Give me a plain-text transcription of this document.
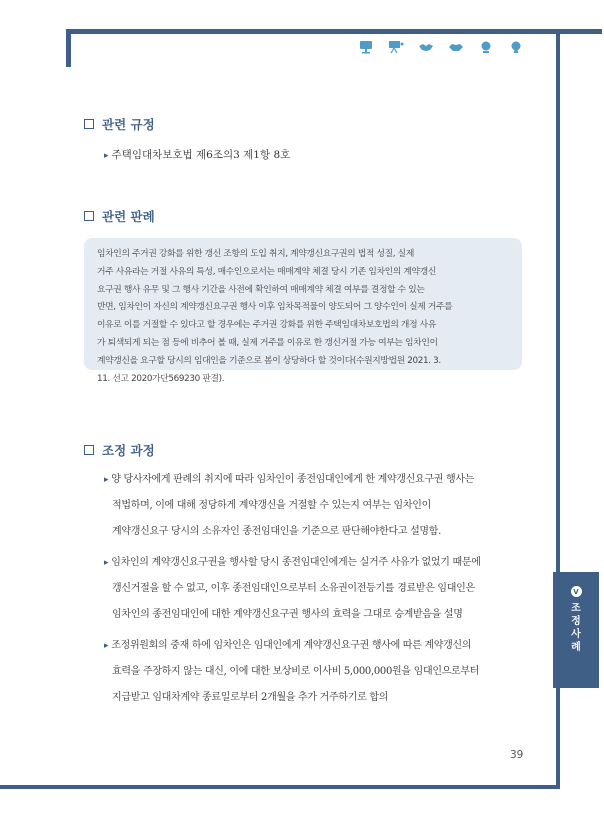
관련 규정
▸ 주택임대차보호법 제6조의3 제1항 8호
관련 판례

임차인의 주거권 강화를 위한 갱신 조항의 도입 취지, 계약갱신요구권의 법적 성질, 실제
거주 사유라는 거절 사유의 특성, 매수인으로서는 매매계약 체결 당시 기존 임차인의 계약갱신
요구권 행사 유무 및 그 행사 기간을 사전에 확인하여 매매계약 체결 여부를 결정할 수 있는
반면, 임차인이 자신의 계약갱신요구권 행사 이후 임차목적물이 양도되어 그 양수인이 실제 거주를
이유로 이를 거절할 수 있다고 할 경우에는 주거권 강화를 위한 주택임대차보호법의 개정 사유
가 퇴색되게 되는 점 등에 비추어 볼 때, 실제 거주를 이유로 한 갱신거절 가능 여부는 임차인이
계약갱신을 요구할 당시의 임대인을 기준으로 봄이 상당하다 할 것이다(수원지방법원 2021. 3.
11. 선고 2020가단569230 판결).

조정 과정
▸ 양 당사자에게 판례의 취지에 따라 임차인이 종전임대인에게 한 계약갱신요구권 행사는
적법하며, 이에 대해 정당하게 계약갱신을 거절할 수 있는지 여부는 임차인이
계약갱신요구 당시의 소유자인 종전임대인을 기준으로 판단해야한다고 설명함.
▸ 임차인의 계약갱신요구권을 행사할 당시 종전임대인에게는 실거주 사유가 없었기 때문에
갱신거절을 할 수 없고, 이후 종전임대인으로부터 소유권이전등기를 경료받은 임대인은
임차인의 종전임대인에 대한 계약갱신요구권 행사의 효력을 그대로 승계받음을 설명
▸ 조정위원회의 중재 하에 임차인은 임대인에게 계약갱신요구권 행사에 따른 계약갱신의
효력을 주장하지 않는 대신, 이에 대한 보상비로 이사비 5,000,000원을 임대인으로부터
지급받고 임대차계약 종료일로부터 2개월을 추가 거주하기로 합의
V
조
정
사
례
39
